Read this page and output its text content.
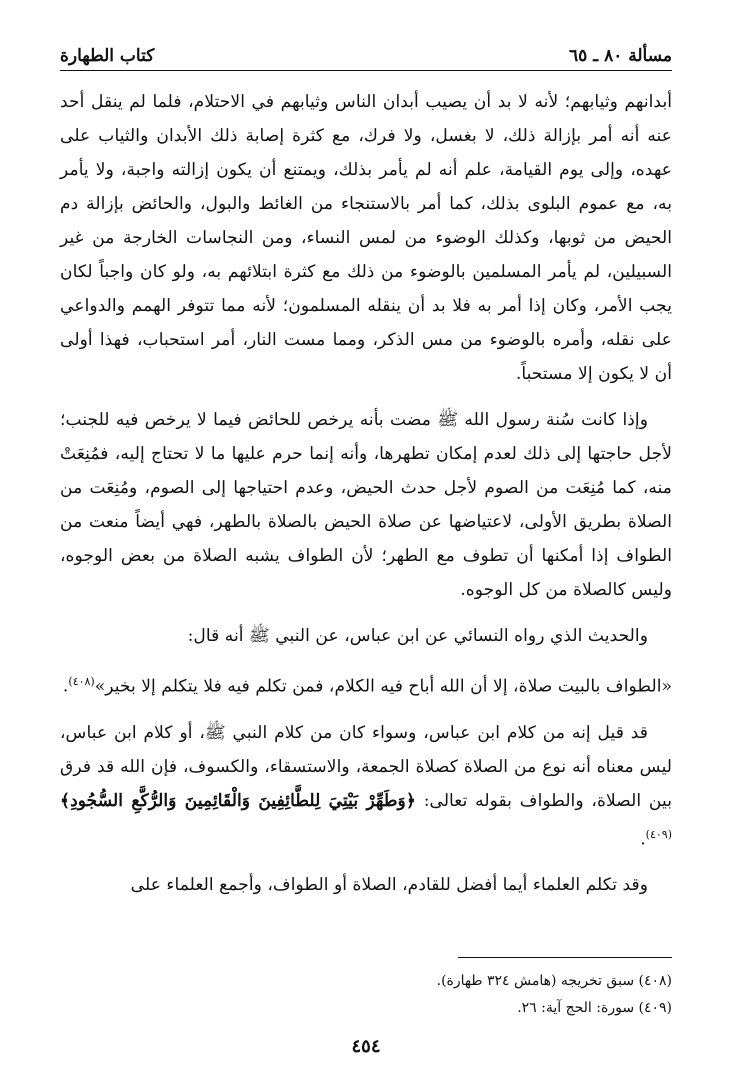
مسألة ٨٠ ـ ٦٥
كتاب الطهارة

أبدانهم وثيابهم؛ لأنه لا بد أن يصيب أبدان الناس وثيابهم في الاحتلام، فلما لم ينقل أحد عنه أنه أمر بإزالة ذلك، لا بغسل، ولا فرك، مع كثرة إصابة ذلك الأبدان والثياب على عهده، وإلى يوم القيامة، علم أنه لم يأمر بذلك، ويمتنع أن يكون إزالته واجبة، ولا يأمر به، مع عموم البلوى بذلك، كما أمر بالاستنجاء من الغائط والبول، والحائض بإزالة دم الحيض من ثوبها، وكذلك الوضوء من لمس النساء، ومن النجاسات الخارجة من غير السبيلين، لم يأمر المسلمين بالوضوء من ذلك مع كثرة ابتلائهم به، ولو كان واجباً لكان يجب الأمر، وكان إذا أمر به فلا بد أن ينقله المسلمون؛ لأنه مما تتوفر الهمم والدواعي على نقله، وأمره بالوضوء من مس الذكر، ومما مست النار، أمر استحباب، فهذا أولى أن لا يكون إلا مستحباً.

وإذا كانت سُنة رسول الله ﷺ مضت بأنه يرخص للحائض فيما لا يرخص فيه للجنب؛ لأجل حاجتها إلى ذلك لعدم إمكان تطهرها، وأنه إنما حرم عليها ما لا تحتاج إليه، فمُنِعَتْ منه، كما مُنِعَت من الصوم لأجل حدث الحيض، وعدم احتياجها إلى الصوم، ومُنِعَت من الصلاة بطريق الأولى، لاعتياضها عن صلاة الحيض بالصلاة بالطهر، فهي أيضاً منعت من الطواف إذا أمكنها أن تطوف مع الطهر؛ لأن الطواف يشبه الصلاة من بعض الوجوه، وليس كالصلاة من كل الوجوه.

والحديث الذي رواه النسائي عن ابن عباس، عن النبي ﷺ أنه قال:

«الطواف بالبيت صلاة، إلا أن الله أباح فيه الكلام، فمن تكلم فيه فلا يتكلم إلا بخير»$^{(٤٠٨)}$.

قد قيل إنه من كلام ابن عباس، وسواء كان من كلام النبي ﷺ، أو كلام ابن عباس، ليس معناه أنه نوع من الصلاة كصلاة الجمعة، والاستسقاء، والكسوف، فإن الله قد فرق بين الصلاة، والطواف بقوله تعالى: ﴿وَطَهِّرْ بَيْتِيَ لِلطَّائِفِينَ وَالْقَائِمِينَ وَالرُّكَّعِ السُّجُودِ﴾$^{(٤٠٩)}$.

وقد تكلم العلماء أيما أفضل للقادم، الصلاة أو الطواف، وأجمع العلماء على

(٤٠٨) سبق تخريجه (هامش ٣٢٤ طهارة).
(٤٠٩) سورة: الحج آية: ٢٦.
٤٥٤
